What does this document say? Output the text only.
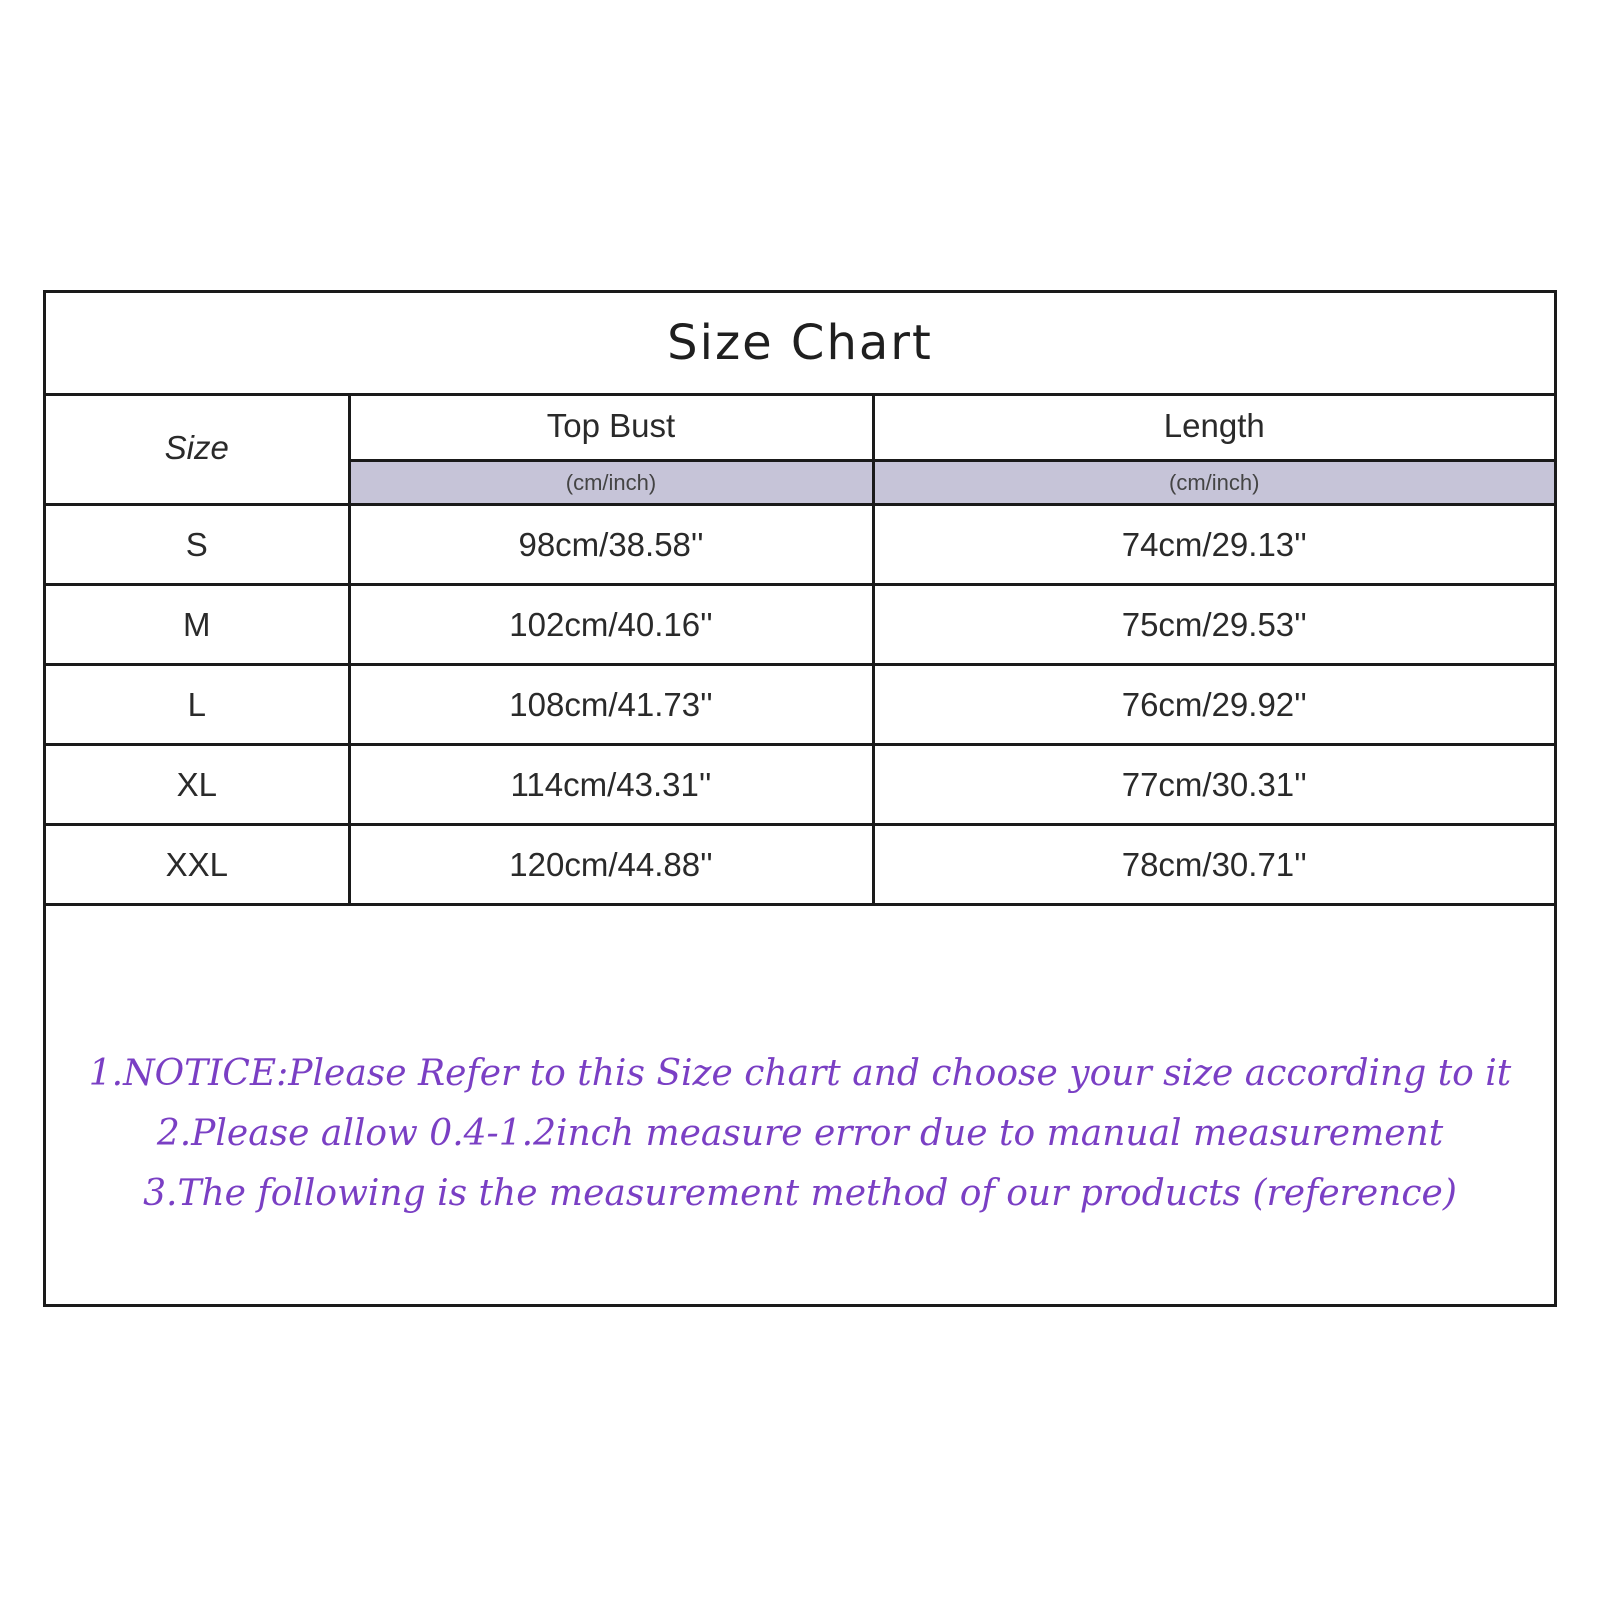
Size Chart
Size	Top Bust	Length
	(cm/inch)	(cm/inch)
S	98cm/38.58''	74cm/29.13''
M	102cm/40.16''	75cm/29.53''
L	108cm/41.73''	76cm/29.92''
XL	114cm/43.31''	77cm/30.31''
XXL	120cm/44.88''	78cm/30.71''
1.NOTICE:Please Refer to this Size chart and choose your size according to it
2.Please allow 0.4-1.2inch measure error due to manual measurement
3.The following is the measurement method of our products (reference)
